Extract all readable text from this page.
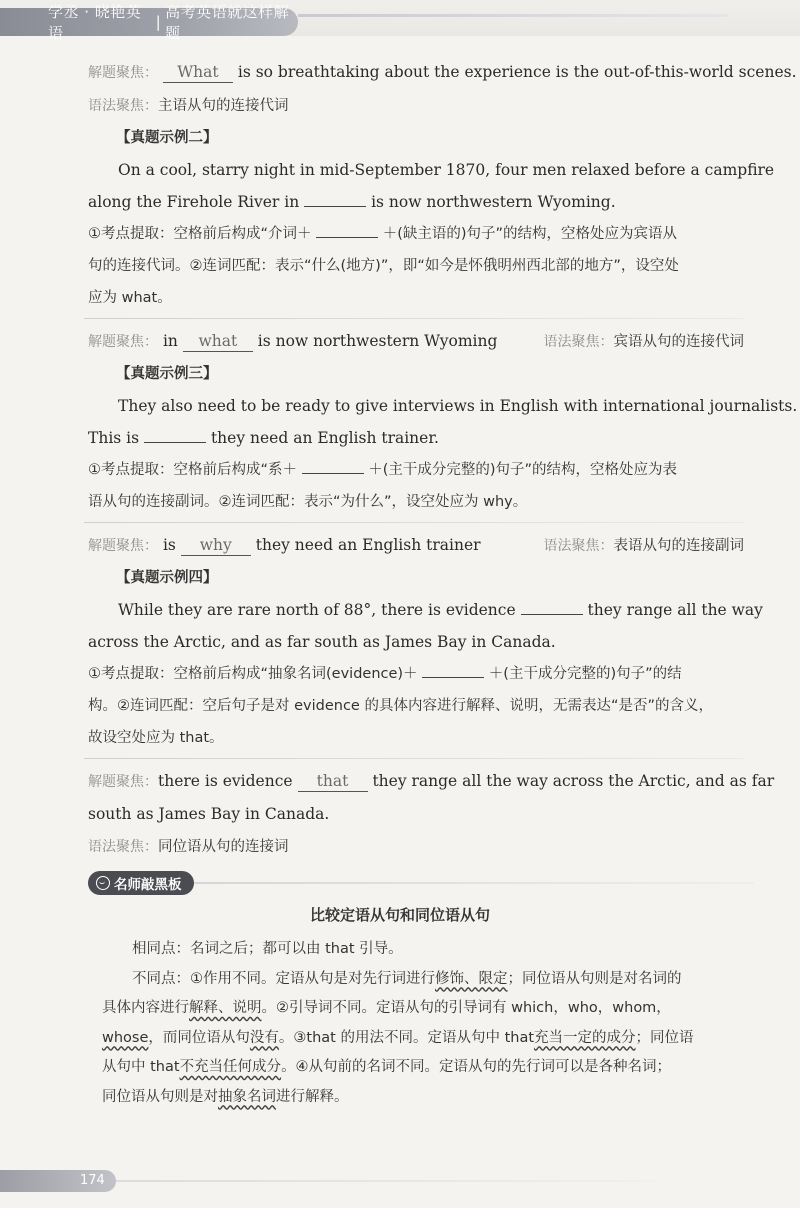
学丞 · 晓艳英语
|
高考英语就这样解题
解题聚焦： What is so breathtaking about the experience is the out-of-this-world scenes.
语法聚焦：主语从句的连接代词
【真题示例二】
On a cool, starry night in mid-September 1870, four men relaxed before a campfire
along the Firehole River in	is now northwestern Wyoming.
①考点提取：空格前后构成“介词＋	＋(缺主语的)句子”的结构，空格处应为宾语从
句的连接代词。②连词匹配：表示“什么(地方)”，即“如今是怀俄明州西北部的地方”，设空处
应为 what。
解题聚焦： in what is now northwestern Wyoming	语法聚焦：宾语从句的连接代词
【真题示例三】
They also need to be ready to give interviews in English with international journalists.
This is	they need an English trainer.
①考点提取：空格前后构成“系＋	＋(主干成分完整的)句子”的结构，空格处应为表
语从句的连接副词。②连词匹配：表示“为什么”，设空处应为 why。
解题聚焦： is why they need an English trainer	语法聚焦：表语从句的连接副词
【真题示例四】
While they are rare north of 88°, there is evidence	they range all the way
across the Arctic, and as far south as James Bay in Canada.
①考点提取：空格前后构成“抽象名词(evidence)＋	＋(主干成分完整的)句子”的结
构。②连词匹配：空后句子是对 evidence 的具体内容进行解释、说明，无需表达“是否”的含义，
故设空处应为 that。
解题聚焦：there is evidence that they range all the way across the Arctic, and as far
south as James Bay in Canada.
语法聚焦：同位语从句的连接词
名师敲黑板
比较定语从句和同位语从句
相同点：名词之后；都可以由 that 引导。
不同点：①作用不同。定语从句是对先行词进行修饰、限定；同位语从句则是对名词的
具体内容进行解释、说明。②引导词不同。定语从句的引导词有 which，who，whom，
whose，而同位语从句没有。③that 的用法不同。定语从句中 that充当一定的成分；同位语
从句中 that不充当任何成分。④从句前的名词不同。定语从句的先行词可以是各种名词；
同位语从句则是对抽象名词进行解释。
174
